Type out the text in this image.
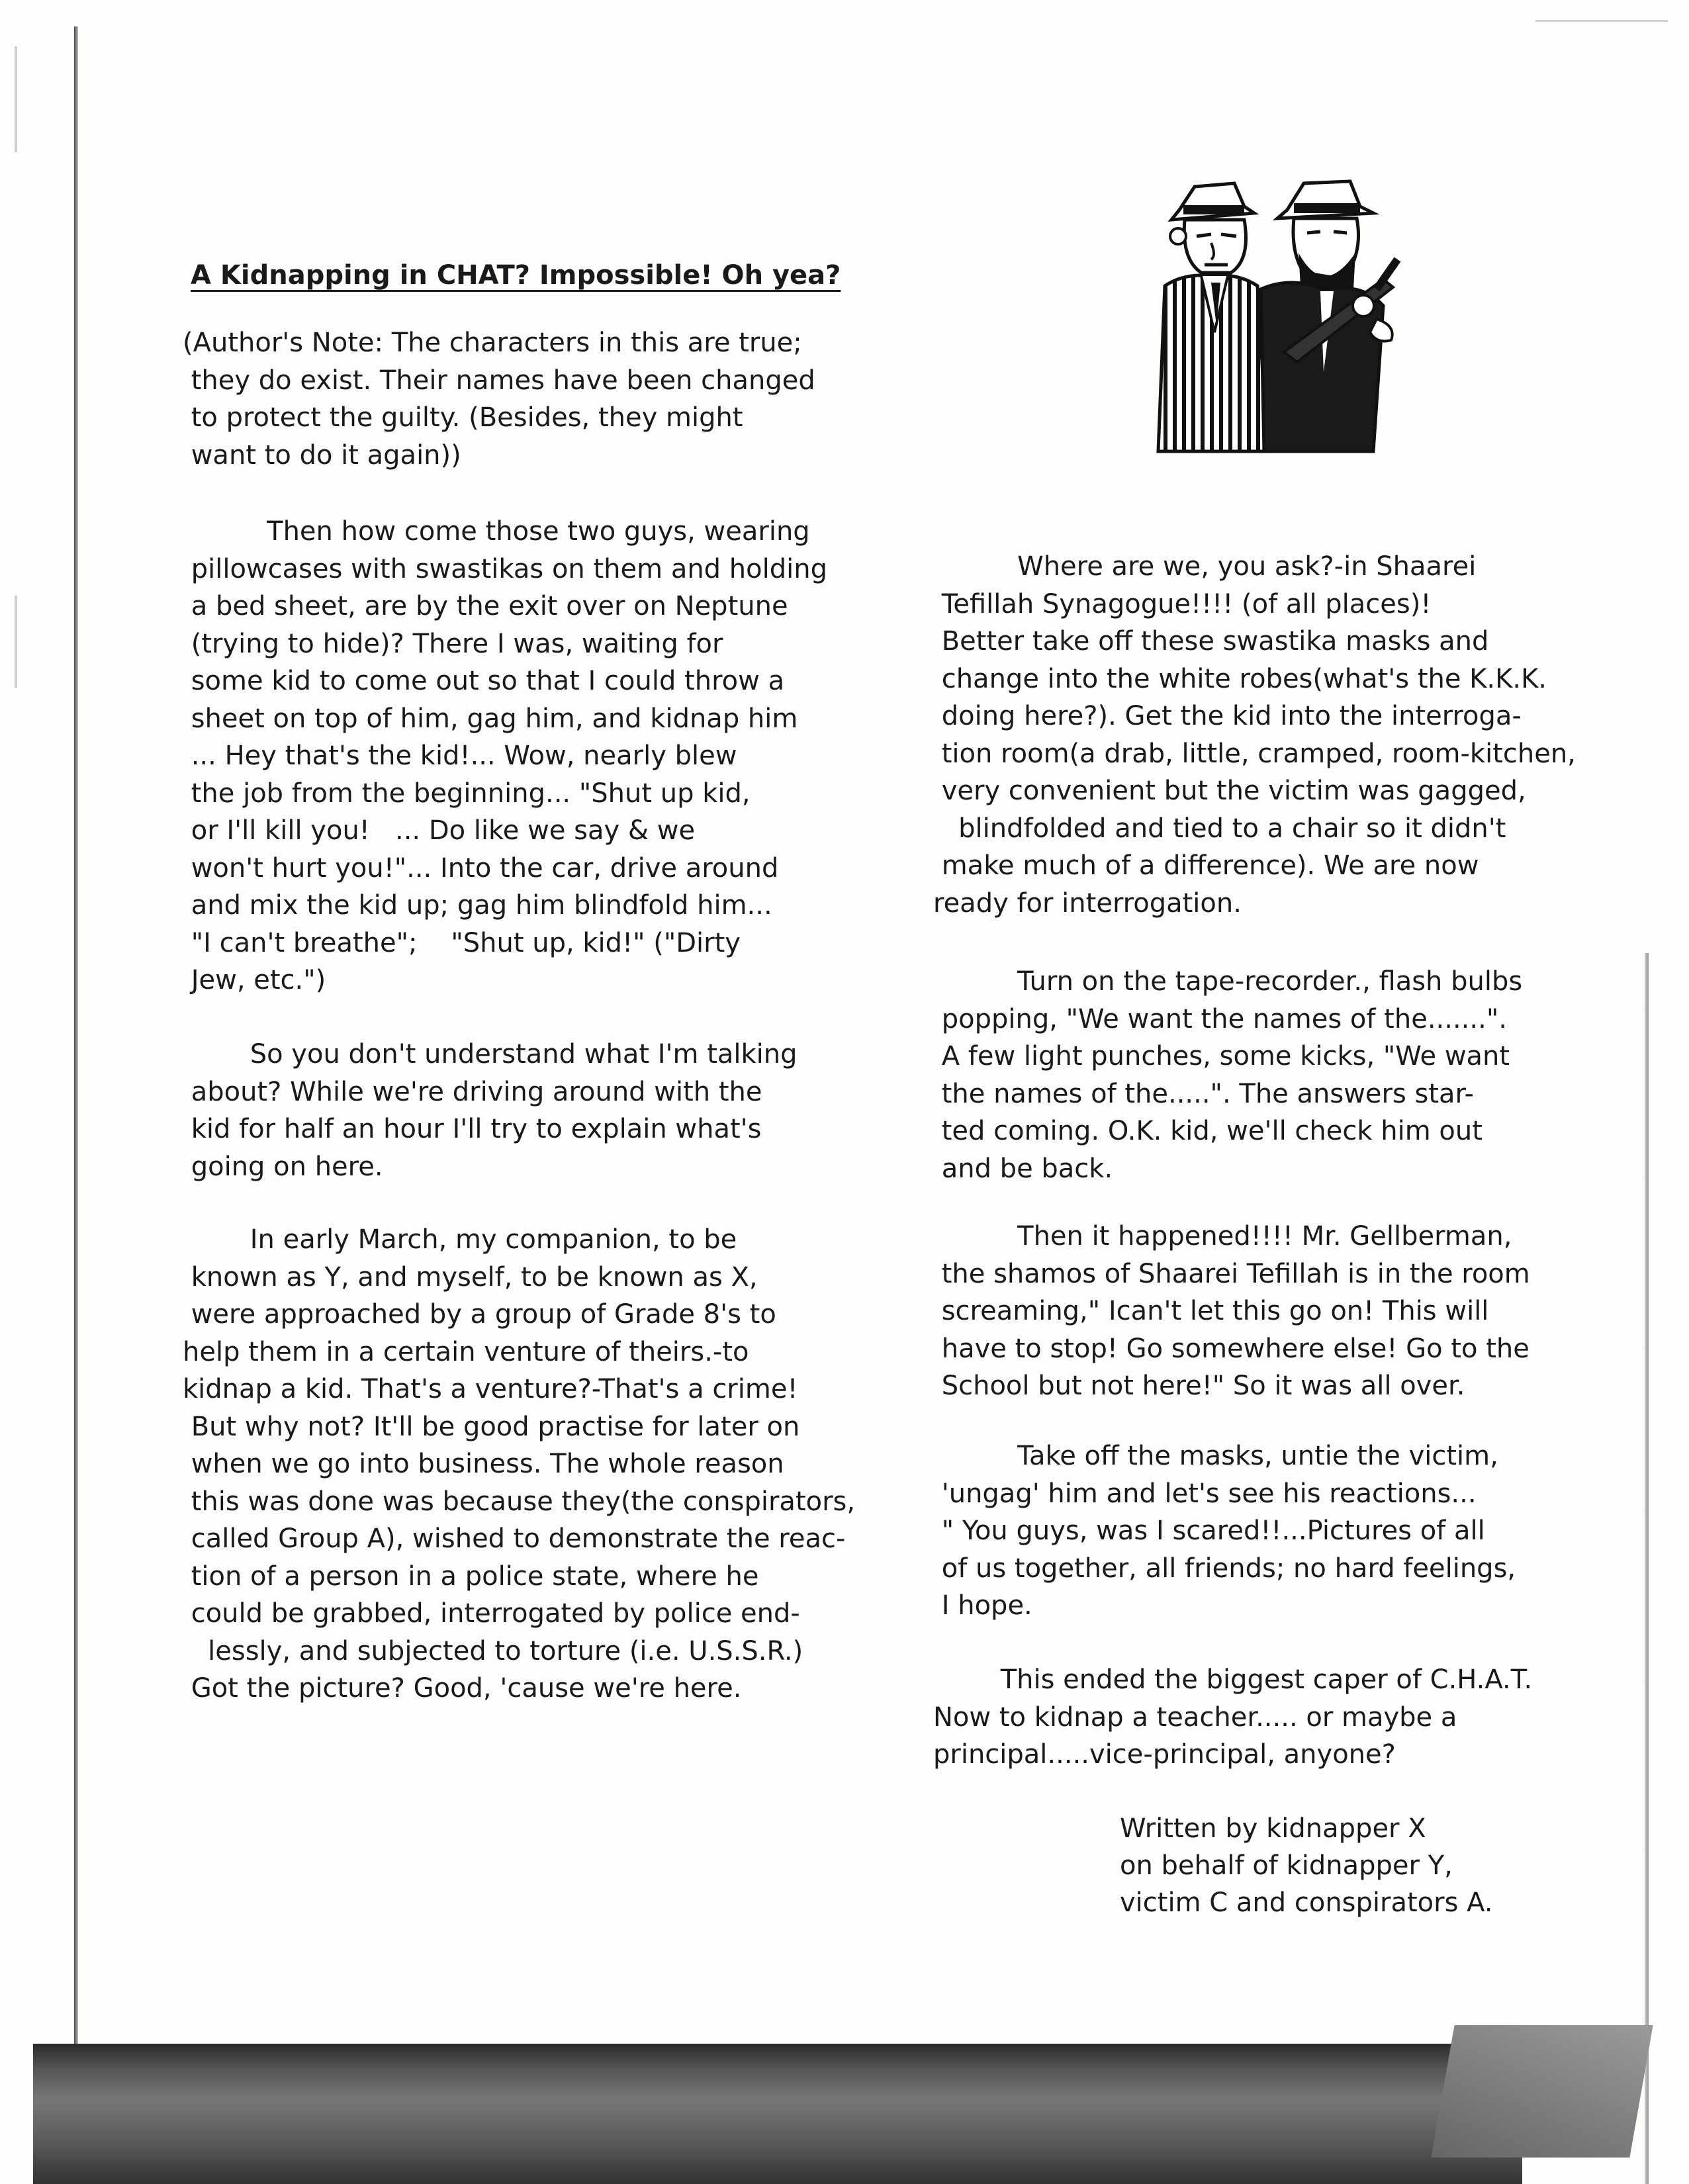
A Kidnapping in CHAT? Impossible! Oh yea?

(Author's Note: The characters in this are true;
they do exist. Their names have been changed
to protect the guilty. (Besides, they might
want to do it again))

Then how come those two guys, wearing
pillowcases with swastikas on them and holding
a bed sheet, are by the exit over on Neptune
(trying to hide)? There I was, waiting for
some kid to come out so that I could throw a
sheet on top of him, gag him, and kidnap him
... Hey that's the kid!... Wow, nearly blew
the job from the beginning... "Shut up kid,
or I'll kill you!   ... Do like we say & we
won't hurt you!"... Into the car, drive around
and mix the kid up; gag him blindfold him...
"I can't breathe";    "Shut up, kid!" ("Dirty
Jew, etc.")

So you don't understand what I'm talking
about? While we're driving around with the
kid for half an hour I'll try to explain what's
going on here.

In early March, my companion, to be
known as Y, and myself, to be known as X,
were approached by a group of Grade 8's to
help them in a certain venture of theirs.-to
kidnap a kid. That's a venture?-That's a crime!
But why not? It'll be good practise for later on
when we go into business. The whole reason
this was done was because they(the conspirators,
called Group A), wished to demonstrate the reac-
tion of a person in a police state, where he
could be grabbed, interrogated by police end-
lessly, and subjected to torture (i.e. U.S.S.R.)
Got the picture? Good, 'cause we're here.

Where are we, you ask?-in Shaarei
Tefillah Synagogue!!!! (of all places)!
Better take off these swastika masks and
change into the white robes(what's the K.K.K.
doing here?). Get the kid into the interroga-
tion room(a drab, little, cramped, room-kitchen,
very convenient but the victim was gagged,
blindfolded and tied to a chair so it didn't
make much of a difference). We are now
ready for interrogation.

Turn on the tape-recorder., flash bulbs
popping, "We want the names of the.......".
A few light punches, some kicks, "We want
the names of the.....". The answers star-
ted coming. O.K. kid, we'll check him out
and be back.

Then it happened!!!! Mr. Gellberman,
the shamos of Shaarei Tefillah is in the room
screaming," Ican't let this go on! This will
have to stop! Go somewhere else! Go to the
School but not here!" So it was all over.

Take off the masks, untie the victim,
'ungag' him and let's see his reactions...
" You guys, was I scared!!...Pictures of all
of us together, all friends; no hard feelings,
I hope.

This ended the biggest caper of C.H.A.T.
Now to kidnap a teacher..... or maybe a
principal.....vice-principal, anyone?

Written by kidnapper X
on behalf of kidnapper Y,
victim C and conspirators A.
